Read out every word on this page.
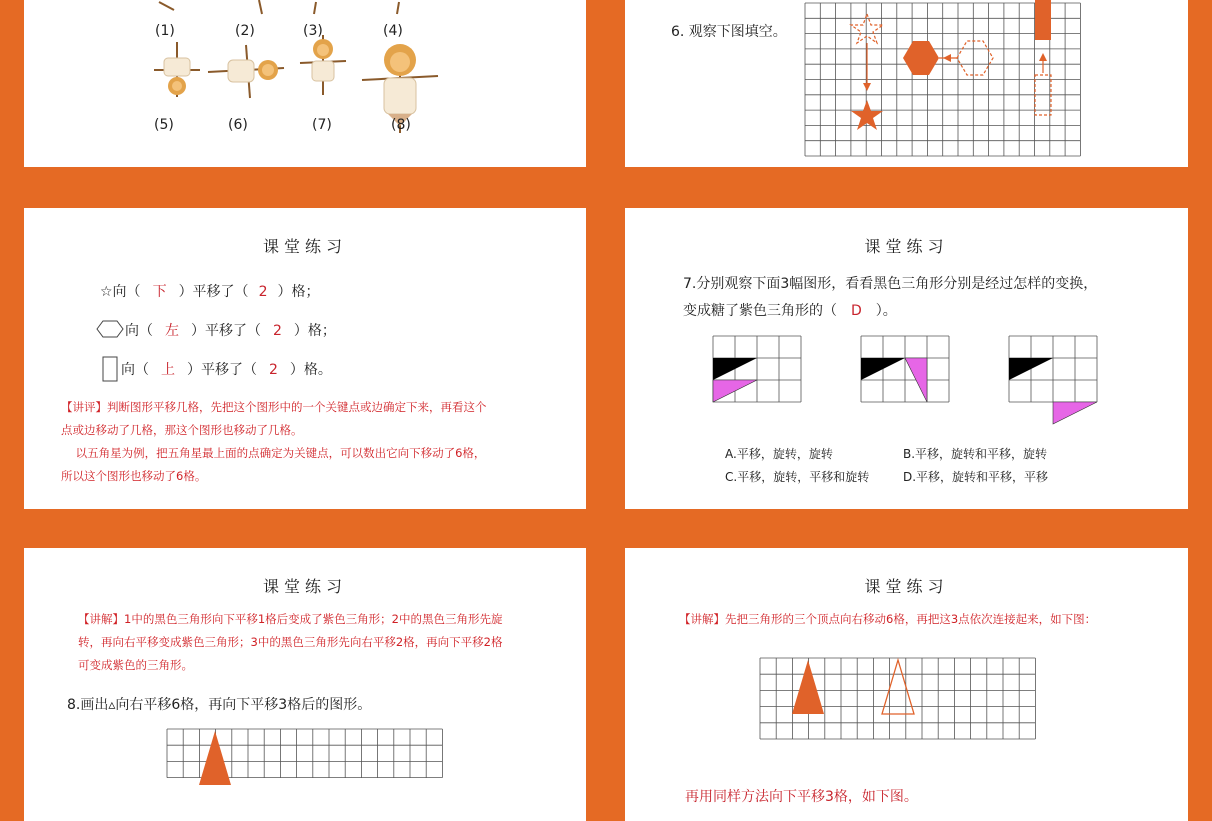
(1)	(2)	(3)	(4)
(5)	(6)	(7)	(8)
6. 观察下图填空。
课堂练习
☆向（ 下 ）平移了（ 2 ）格；
向（ 左 ）平移了（ 2 ）格；
向（ 上 ）平移了（ 2 ）格。
【讲评】判断图形平移几格，先把这个图形中的一个关键点或边确定下来，再看这个
点或边移动了几格，那这个图形也移动了几格。
以五角星为例，把五角星最上面的点确定为关键点，可以数出它向下移动了6格，
所以这个图形也移动了6格。
课堂练习
7.分别观察下面3幅图形，看看黑色三角形分别是经过怎样的变换，
变成糖了紫色三角形的（ D ）。
A.平移，旋转，旋转	B.平移，旋转和平移，旋转
C.平移，旋转，平移和旋转	D.平移，旋转和平移，平移
课堂练习
【讲解】1中的黑色三角形向下平移1格后变成了紫色三角形；2中的黑色三角形先旋
转，再向右平移变成紫色三角形；3中的黑色三角形先向右平移2格，再向下平移2格
可变成紫色的三角形。
8.画出▵向右平移6格，再向下平移3格后的图形。
课堂练习
【讲解】先把三角形的三个顶点向右移动6格，再把这3点依次连接起来，如下图：
再用同样方法向下平移3格，如下图。
